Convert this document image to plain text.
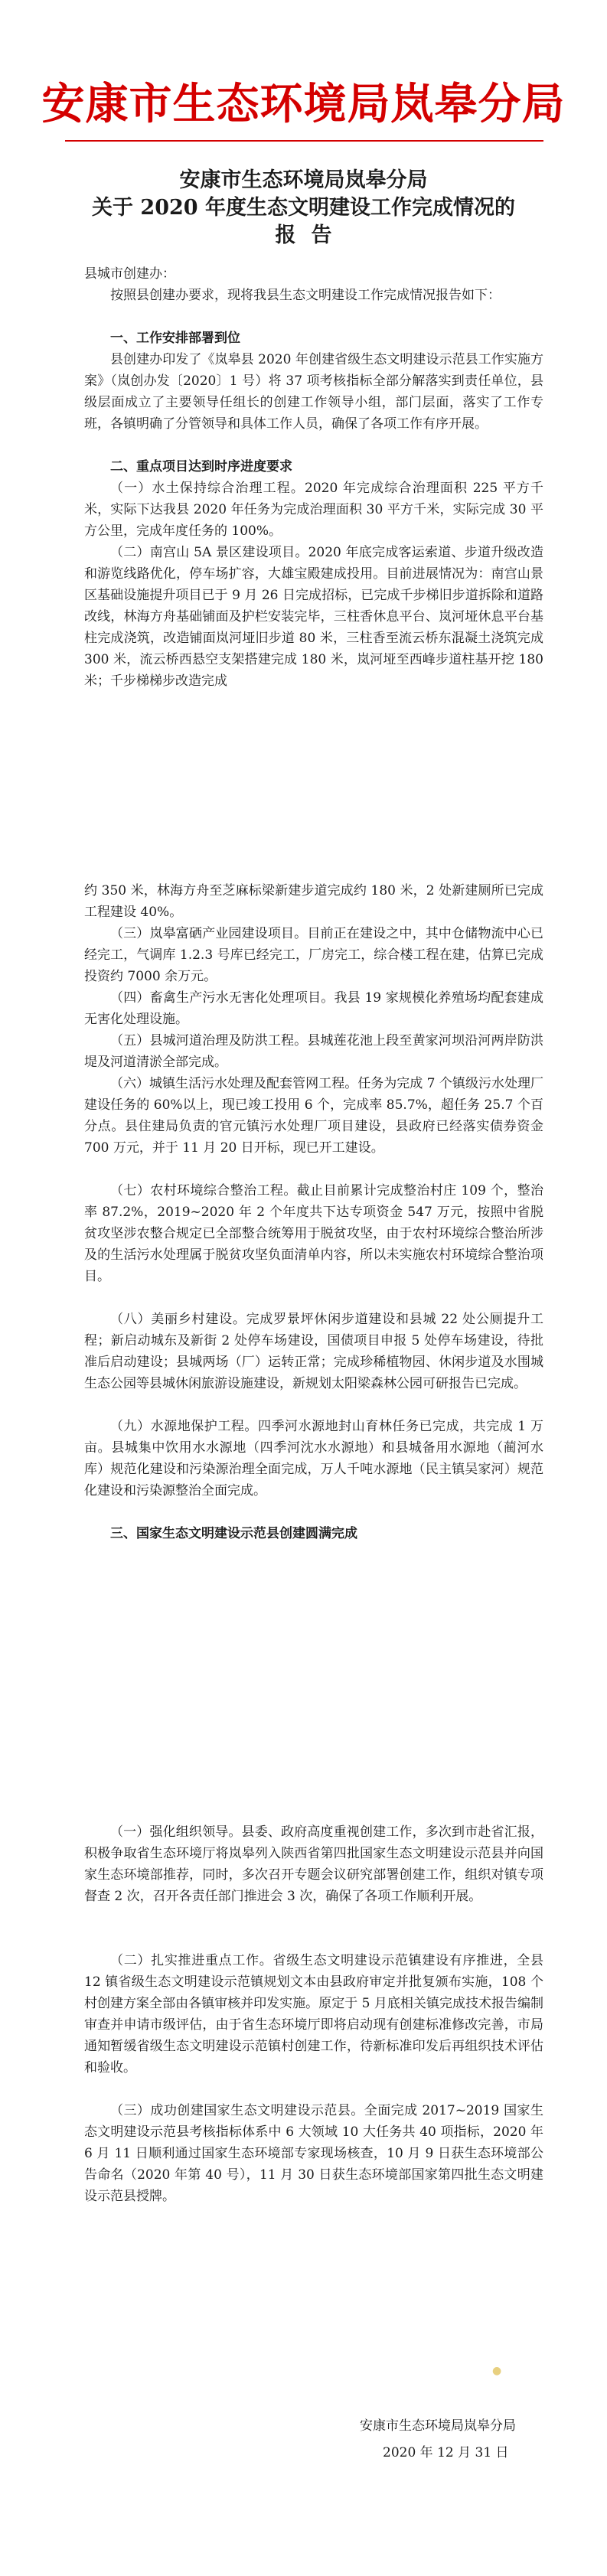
安康市生态环境局岚皋分局
安康市生态环境局岚皋分局
关于 2020 年度生态文明建设工作完成情况的
报告
县城市创建办：
按照县创建办要求，现将我县生态文明建设工作完成情况报告如下：
一、工作安排部署到位
县创建办印发了《岚皋县 2020 年创建省级生态文明建设示范县工作实施方案》（岚创办发〔2020〕1 号）将 37 项考核指标全部分解落实到责任单位，县级层面成立了主要领导任组长的创建工作领导小组，部门层面，落实了工作专班，各镇明确了分管领导和具体工作人员，确保了各项工作有序开展。
二、重点项目达到时序进度要求
（一）水土保持综合治理工程。2020 年完成综合治理面积 225 平方千米，实际下达我县 2020 年任务为完成治理面积 30 平方千米，实际完成 30 平方公里，完成年度任务的 100%。
（二）南宫山 5A 景区建设项目。2020 年底完成客运索道、步道升级改造和游览线路优化，停车场扩容，大雄宝殿建成投用。目前进展情况为：南宫山景区基础设施提升项目已于 9 月 26 日完成招标，已完成千步梯旧步道拆除和道路改线，林海方舟基础铺面及护栏安装完毕，三柱香休息平台、岚河垭休息平台基柱完成浇筑，改造铺面岚河垭旧步道 80 米，三柱香至流云桥东混凝土浇筑完成 300 米，流云桥西悬空支架搭建完成 180 米，岚河垭至西峰步道柱基开挖 180 米；千步梯梯步改造完成
约 350 米，林海方舟至芝麻标梁新建步道完成约 180 米，2 处新建厕所已完成工程建设 40%。
（三）岚皋富硒产业园建设项目。目前正在建设之中，其中仓储物流中心已经完工，气调库 1.2.3 号库已经完工，厂房完工，综合楼工程在建，估算已完成投资约 7000 余万元。
（四）畜禽生产污水无害化处理项目。我县 19 家规模化养殖场均配套建成无害化处理设施。
（五）县城河道治理及防洪工程。县城莲花池上段至黄家河坝沿河两岸防洪堤及河道清淤全部完成。
（六）城镇生活污水处理及配套管网工程。任务为完成 7 个镇级污水处理厂建设任务的 60%以上，现已竣工投用 6 个，完成率 85.7%，超任务 25.7 个百分点。县住建局负责的官元镇污水处理厂项目建设，县政府已经落实债券资金 700 万元，并于 11 月 20 日开标，现已开工建设。
（七）农村环境综合整治工程。截止目前累计完成整治村庄 109 个，整治率 87.2%，2019~2020 年 2 个年度共下达专项资金 547 万元，按照中省脱贫攻坚涉农整合规定已全部整合统筹用于脱贫攻坚，由于农村环境综合整治所涉及的生活污水处理属于脱贫攻坚负面清单内容，所以未实施农村环境综合整治项目。
（八）美丽乡村建设。完成罗景坪休闲步道建设和县城 22 处公厕提升工程；新启动城东及新街 2 处停车场建设，国债项目申报 5 处停车场建设，待批准后启动建设；县城两场（厂）运转正常；完成珍稀植物园、休闲步道及水围城生态公园等县城休闲旅游设施建设，新规划太阳梁森林公园可研报告已完成。
（九）水源地保护工程。四季河水源地封山育林任务已完成，共完成 1 万亩。县城集中饮用水水源地（四季河沈水水源地）和县城备用水源地（蔺河水库）规范化建设和污染源治理全面完成，万人千吨水源地（民主镇吴家河）规范化建设和污染源整治全面完成。
三、国家生态文明建设示范县创建圆满完成
（一）强化组织领导。县委、政府高度重视创建工作，多次到市赴省汇报，积极争取省生态环境厅将岚皋列入陕西省第四批国家生态文明建设示范县并向国家生态环境部推荐，同时，多次召开专题会议研究部署创建工作，组织对镇专项督查 2 次，召开各责任部门推进会 3 次，确保了各项工作顺利开展。
（二）扎实推进重点工作。省级生态文明建设示范镇建设有序推进，全县 12 镇省级生态文明建设示范镇规划文本由县政府审定并批复颁布实施，108 个村创建方案全部由各镇审核并印发实施。原定于 5 月底相关镇完成技术报告编制审查并申请市级评估，由于省生态环境厅即将启动现有创建标准修改完善，市局通知暂缓省级生态文明建设示范镇村创建工作，待新标准印发后再组织技术评估和验收。
（三）成功创建国家生态文明建设示范县。全面完成 2017~2019 国家生态文明建设示范县考核指标体系中 6 大领域 10 大任务共 40 项指标，2020 年 6 月 11 日顺利通过国家生态环境部专家现场核查，10 月 9 日获生态环境部公告命名（2020 年第 40 号），11 月 30 日获生态环境部国家第四批生态文明建设示范县授牌。
●
安康市生态环境局岚皋分局
2020 年 12 月 31 日
